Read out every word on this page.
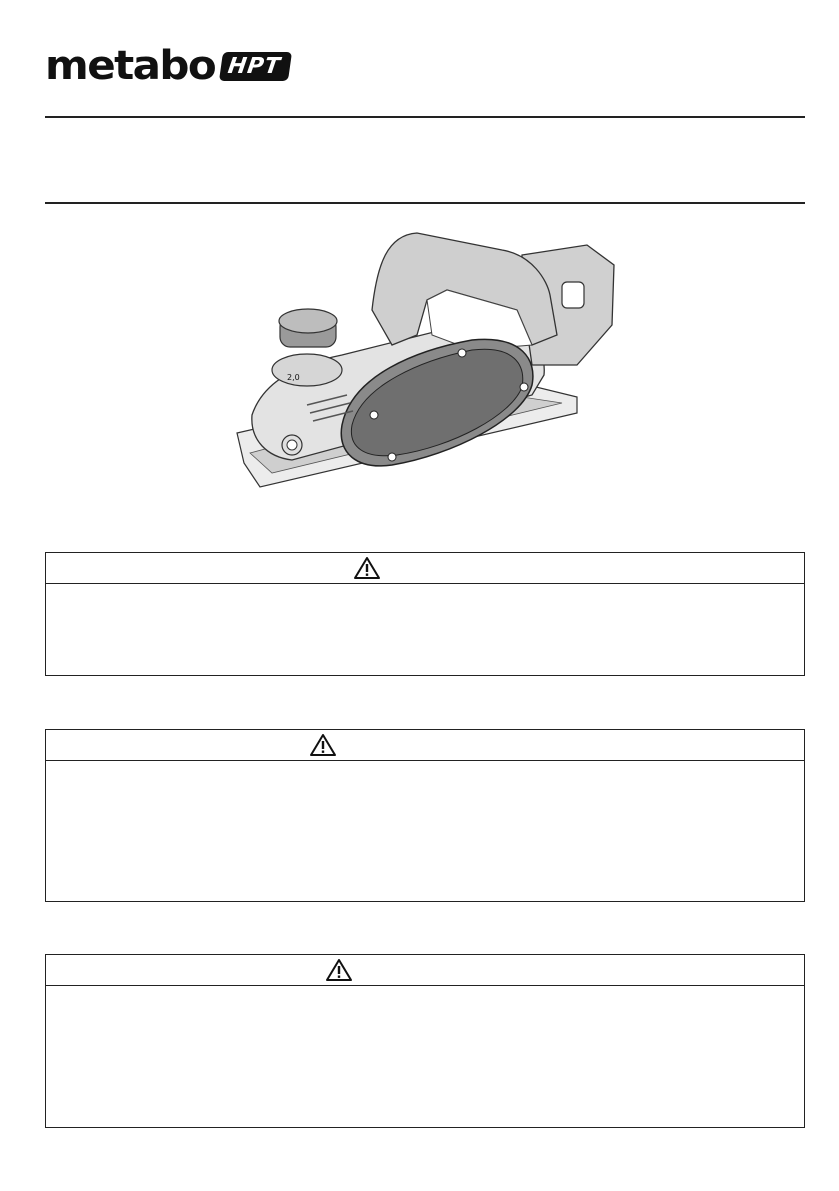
metabo HPT
2,0
